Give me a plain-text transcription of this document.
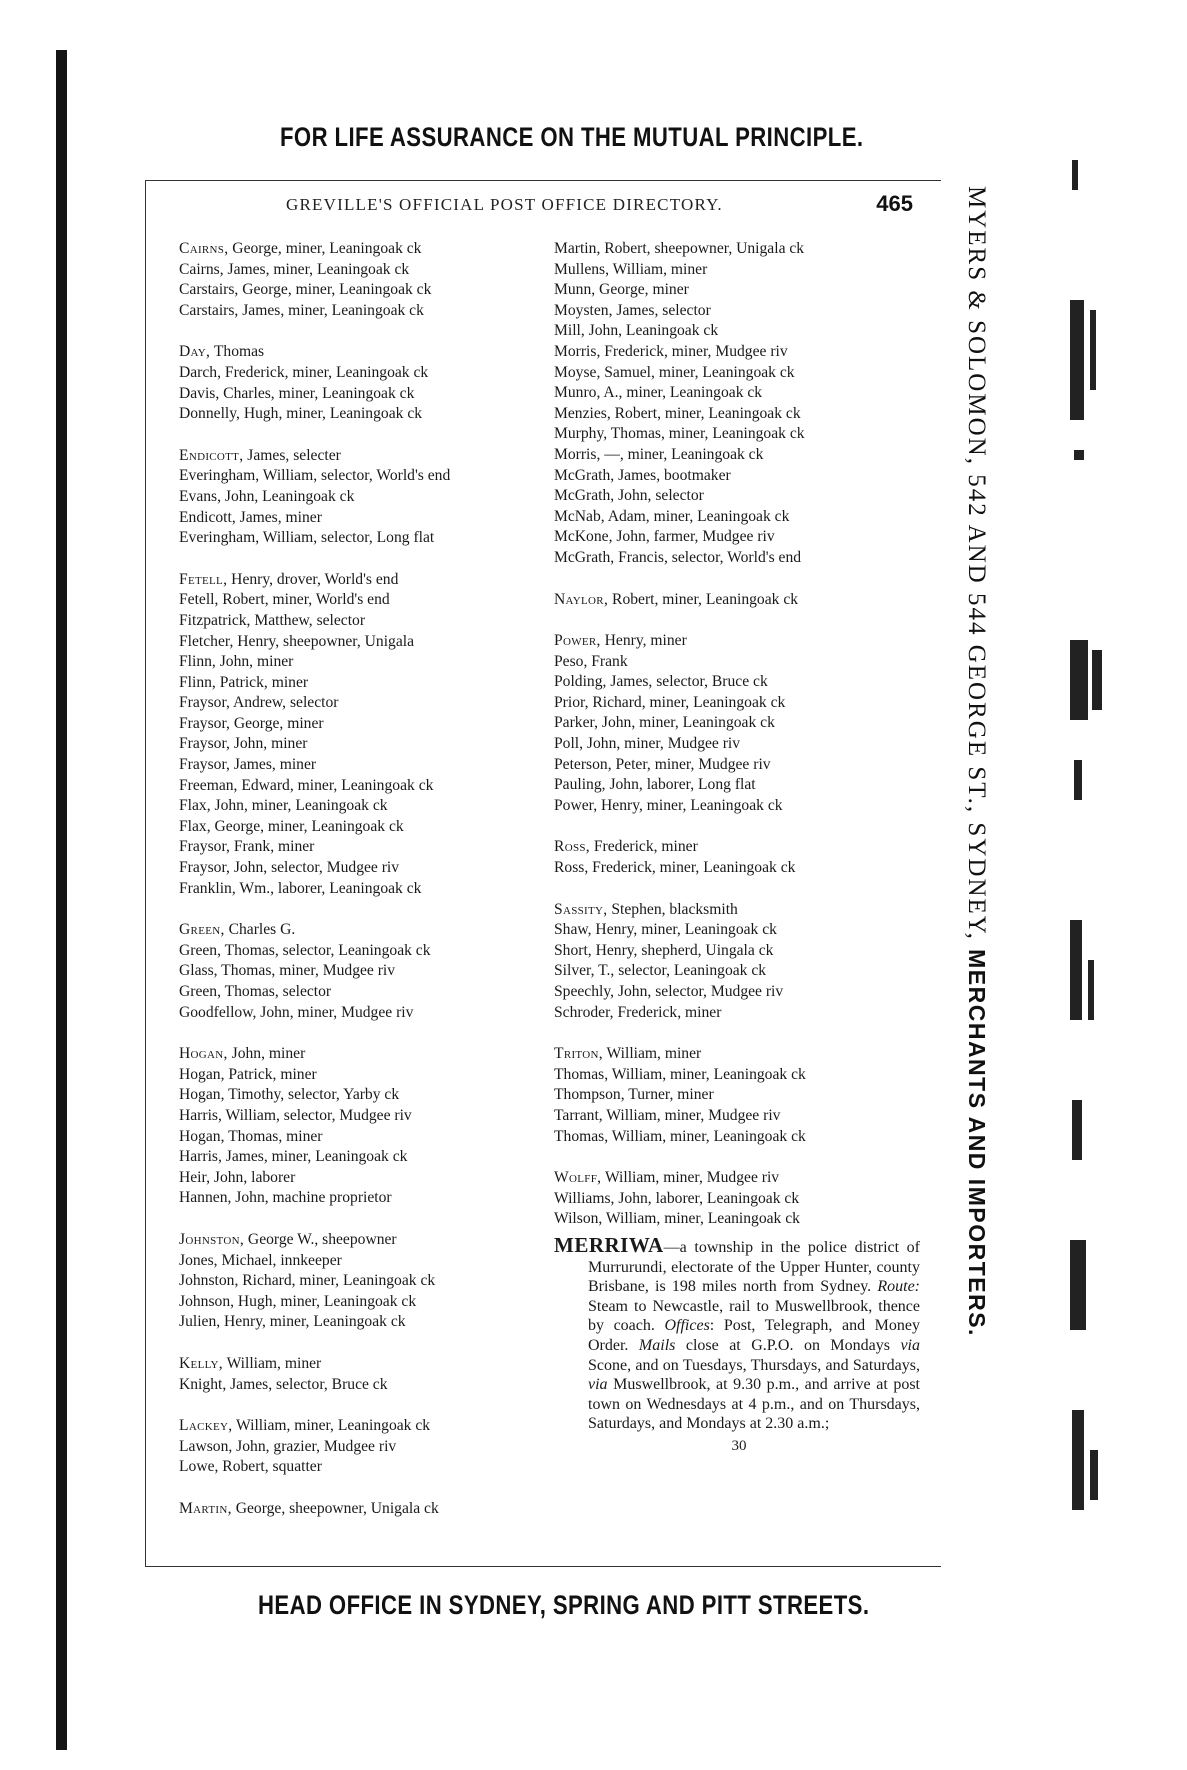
FOR LIFE ASSURANCE ON THE MUTUAL PRINCIPLE.
GREVILLE'S OFFICIAL POST OFFICE DIRECTORY.	465
Cairns, George, miner, Leaningoak ck
Cairns, James, miner, Leaningoak ck
Carstairs, George, miner, Leaningoak ck
Carstairs, James, miner, Leaningoak ck
Day, Thomas
Darch, Frederick, miner, Leaningoak ck
Davis, Charles, miner, Leaningoak ck
Donnelly, Hugh, miner, Leaningoak ck
Endicott, James, selecter
Everingham, William, selector, World's end
Evans, John, Leaningoak ck
Endicott, James, miner
Everingham, William, selector, Long flat
Fetell, Henry, drover, World's end
Fetell, Robert, miner, World's end
Fitzpatrick, Matthew, selector
Fletcher, Henry, sheepowner, Unigala
Flinn, John, miner
Flinn, Patrick, miner
Fraysor, Andrew, selector
Fraysor, George, miner
Fraysor, John, miner
Fraysor, James, miner
Freeman, Edward, miner, Leaningoak ck
Flax, John, miner, Leaningoak ck
Flax, George, miner, Leaningoak ck
Fraysor, Frank, miner
Fraysor, John, selector, Mudgee riv
Franklin, Wm., laborer, Leaningoak ck
Green, Charles G.
Green, Thomas, selector, Leaningoak ck
Glass, Thomas, miner, Mudgee riv
Green, Thomas, selector
Goodfellow, John, miner, Mudgee riv
Hogan, John, miner
Hogan, Patrick, miner
Hogan, Timothy, selector, Yarby ck
Harris, William, selector, Mudgee riv
Hogan, Thomas, miner
Harris, James, miner, Leaningoak ck
Heir, John, laborer
Hannen, John, machine proprietor
Johnston, George W., sheepowner
Jones, Michael, innkeeper
Johnston, Richard, miner, Leaningoak ck
Johnson, Hugh, miner, Leaningoak ck
Julien, Henry, miner, Leaningoak ck
Kelly, William, miner
Knight, James, selector, Bruce ck
Lackey, William, miner, Leaningoak ck
Lawson, John, grazier, Mudgee riv
Lowe, Robert, squatter
Martin, George, sheepowner, Unigala ck
Martin, Robert, sheepowner, Unigala ck
Mullens, William, miner
Munn, George, miner
Moysten, James, selector
Mill, John, Leaningoak ck
Morris, Frederick, miner, Mudgee riv
Moyse, Samuel, miner, Leaningoak ck
Munro, A., miner, Leaningoak ck
Menzies, Robert, miner, Leaningoak ck
Murphy, Thomas, miner, Leaningoak ck
Morris, —, miner, Leaningoak ck
McGrath, James, bootmaker
McGrath, John, selector
McNab, Adam, miner, Leaningoak ck
McKone, John, farmer, Mudgee riv
McGrath, Francis, selector, World's end
Naylor, Robert, miner, Leaningoak ck
Power, Henry, miner
Peso, Frank
Polding, James, selector, Bruce ck
Prior, Richard, miner, Leaningoak ck
Parker, John, miner, Leaningoak ck
Poll, John, miner, Mudgee riv
Peterson, Peter, miner, Mudgee riv
Pauling, John, laborer, Long flat
Power, Henry, miner, Leaningoak ck
Ross, Frederick, miner
Ross, Frederick, miner, Leaningoak ck
Sassity, Stephen, blacksmith
Shaw, Henry, miner, Leaningoak ck
Short, Henry, shepherd, Uingala ck
Silver, T., selector, Leaningoak ck
Speechly, John, selector, Mudgee riv
Schroder, Frederick, miner
Triton, William, miner
Thomas, William, miner, Leaningoak ck
Thompson, Turner, miner
Tarrant, William, miner, Mudgee riv
Thomas, William, miner, Leaningoak ck
Wolff, William, miner, Mudgee riv
Williams, John, laborer, Leaningoak ck
Wilson, William, miner, Leaningoak ck
MERRIWA—a township in the police district of Murrurundi, electorate of the Upper Hunter, county Brisbane, is 198 miles north from Sydney. Route: Steam to Newcastle, rail to Muswellbrook, thence by coach. Offices: Post, Telegraph, and Money Order. Mails close at G.P.O. on Mondays via Scone, and on Tuesdays, Thursdays, and Saturdays, via Muswellbrook, at 9.30 p.m., and arrive at post town on Wednesdays at 4 p.m., and on Thursdays, Saturdays, and Mondays at 2.30 a.m.;
30
MYERS & SOLOMON, 542 AND 544 GEORGE ST., SYDNEY, MERCHANTS AND IMPORTERS.
HEAD OFFICE IN SYDNEY, SPRING AND PITT STREETS.
